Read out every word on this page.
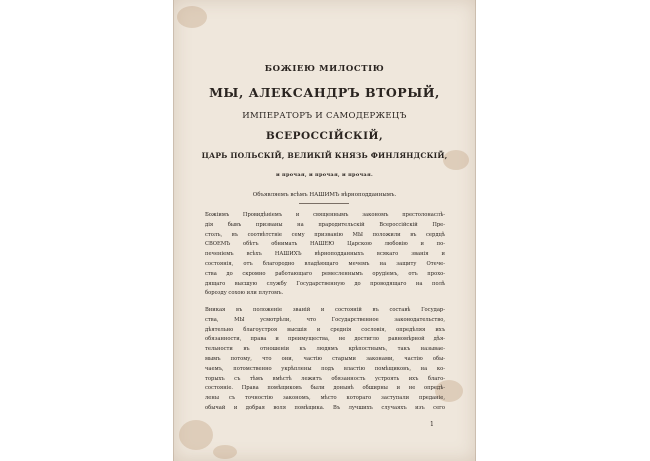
БОЖІЕЮ МИЛОСТІЮ
МЫ, АЛЕКСАНДРЪ ВТОРЫЙ,
ИМПЕРАТОРЪ И САМОДЕРЖЕЦЪ
ВСЕРОССІЙСКІЙ,
ЦАРЬ ПОЛЬСКІЙ, ВЕЛИКІЙ КНЯЗЬ ФИНЛЯНДСКІЙ,
и прочая, и прочая, и прочая.
Объявляемъ всѣмъ НАШИМЪ вѣрноподданнымъ.
Божіимъ Провидѣніемъ и священнымъ закономъ престолонаслѣ-
дія бывъ призваны на прародительскій Всероссійскій Пре-
столъ, въ соотвѣтствіе сему призванію МЫ положили въ сердцѣ
СВОЕМЪ обѣтъ обнимать НАШЕЮ Царскою любовію и по-
печеніемъ всѣхъ НАШИХЪ вѣрноподданныхъ всякаго званія и
состоянія, отъ благородно владѣющаго мечемъ на защиту Отече-
ства до скромно работающаго ремесленнымъ орудіемъ, отъ прохо-
дящаго высшую службу Государственную до проводящаго на полѣ
борозду сохою или плугомъ.
Вникая въ положеніе званій и состояній въ составѣ Государ-
ства, МЫ усмотрѣли, что Государственное законодательство,
дѣятельно благоустроя высшія и среднія сословія, опредѣляя ихъ
обязанности, права и преимущества, не достигло равномѣрной дѣя-
тельности въ отношеніи къ людямъ крѣпостнымъ, такъ называе-
мымъ потому, что они, частію старыми законами, частію обы-
чаемъ, потомственно укрѣплены подъ властію помѣщиковъ, на ко-
торыхъ съ тѣмъ вмѣстѣ лежитъ обязанность устроять ихъ благо-
состояніе. Права помѣщиковъ были донынѣ обширны и не опредѣ-
лены съ точностію закономъ, мѣсто котораго заступали преданіе,
обычай и добрая воля помѣщика. Въ лучшихъ случаяхъ изъ сего
1
